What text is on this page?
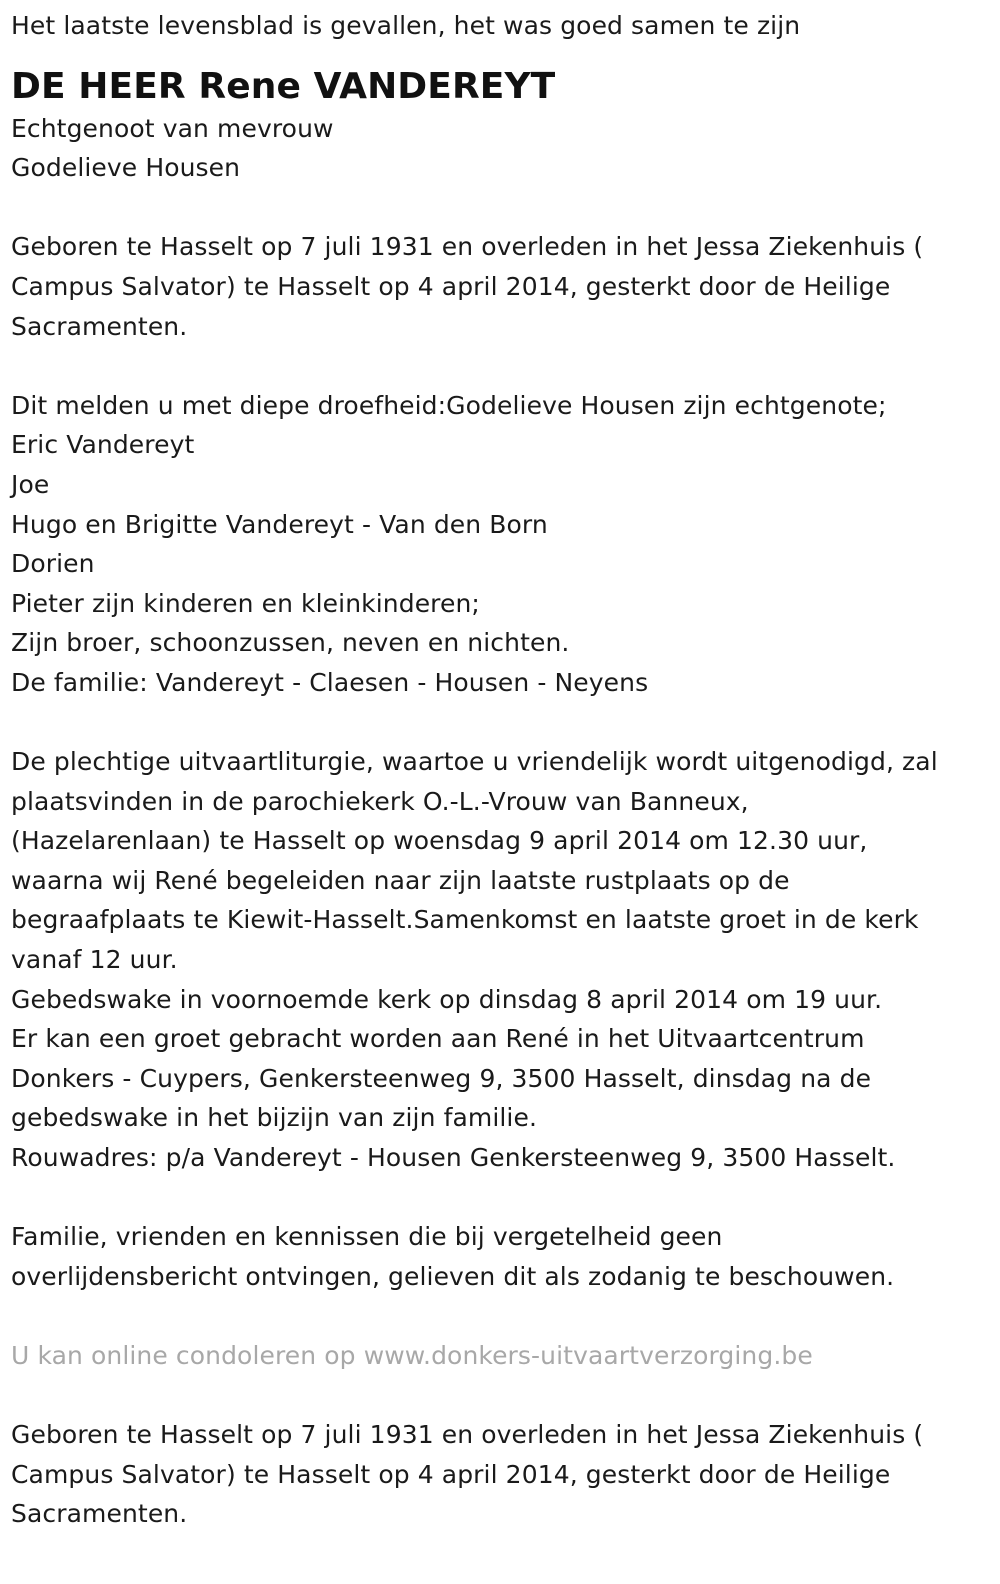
Het laatste levensblad is gevallen, het was goed samen te zijn
DE HEER Rene VANDEREYT
Echtgenoot van mevrouw
Godelieve Housen
Geboren te Hasselt op 7 juli 1931 en overleden in het Jessa Ziekenhuis (
Campus Salvator) te Hasselt op 4 april 2014, gesterkt door de Heilige
Sacramenten.
Dit melden u met diepe droefheid:Godelieve Housen zijn echtgenote;
Eric Vandereyt
Joe
Hugo en Brigitte Vandereyt - Van den Born
Dorien
Pieter zijn kinderen en kleinkinderen;
Zijn broer, schoonzussen, neven en nichten.
De familie: Vandereyt - Claesen - Housen - Neyens
De plechtige uitvaartliturgie, waartoe u vriendelijk wordt uitgenodigd, zal
plaatsvinden in de parochiekerk O.-L.-Vrouw van Banneux,
(Hazelarenlaan) te Hasselt op woensdag 9 april 2014 om 12.30 uur,
waarna wij René begeleiden naar zijn laatste rustplaats op de
begraafplaats te Kiewit-Hasselt.Samenkomst en laatste groet in de kerk
vanaf 12 uur.
Gebedswake in voornoemde kerk op dinsdag 8 april 2014 om 19 uur.
Er kan een groet gebracht worden aan René in het Uitvaartcentrum
Donkers - Cuypers, Genkersteenweg 9, 3500 Hasselt, dinsdag na de
gebedswake in het bijzijn van zijn familie.
Rouwadres: p/a Vandereyt - Housen Genkersteenweg 9, 3500 Hasselt.
Familie, vrienden en kennissen die bij vergetelheid geen
overlijdensbericht ontvingen, gelieven dit als zodanig te beschouwen.
U kan online condoleren op www.donkers-uitvaartverzorging.be
Geboren te Hasselt op 7 juli 1931 en overleden in het Jessa Ziekenhuis (
Campus Salvator) te Hasselt op 4 april 2014, gesterkt door de Heilige
Sacramenten.
